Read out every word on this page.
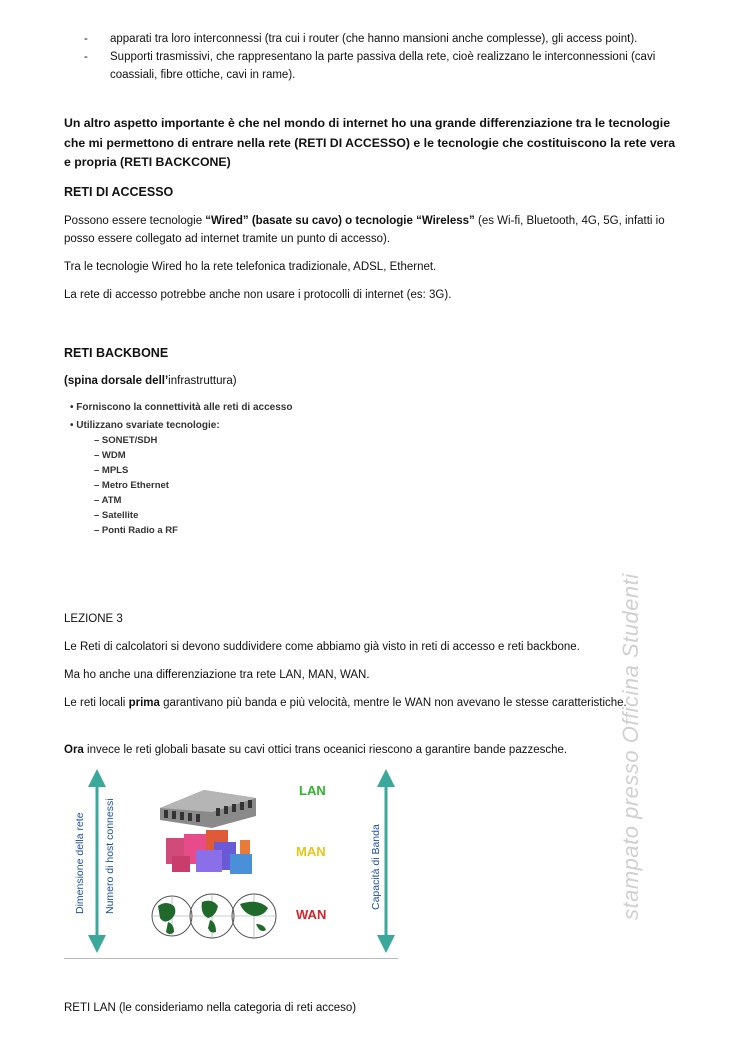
- apparati tra loro interconnessi (tra cui i router (che hanno mansioni anche complesse), gli access point).
- Supporti trasmissivi, che rappresentano la parte passiva della rete, cioè realizzano le interconnessioni (cavi coassiali, fibre ottiche, cavi in rame).

Un altro aspetto importante è che nel mondo di internet ho una grande differenziazione tra le tecnologie che mi permettono di entrare nella rete (RETI DI ACCESSO) e le tecnologie che costituiscono la rete vera e propria (RETI BACKCONE)

RETI DI ACCESSO

Possono essere tecnologie “Wired” (basate su cavo) o tecnologie “Wireless” (es Wi-fi, Bluetooth, 4G, 5G, infatti io posso essere collegato ad internet tramite un punto di accesso).

Tra le tecnologie Wired ho la rete telefonica tradizionale, ADSL, Ethernet.

La rete di accesso potrebbe anche non usare i protocolli di internet (es: 3G).

RETI BACKBONE

(spina dorsale dell’infrastruttura)

• Forniscono la connettività alle reti di accesso
• Utilizzano svariate tecnologie:
– SONET/SDH
– WDM
– MPLS
– Metro Ethernet
– ATM
– Satellite
– Ponti Radio a RF
LEZIONE 3

Le Reti di calcolatori si devono suddividere come abbiamo già visto in reti di accesso e reti backbone.

Ma ho anche una differenziazione tra rete LAN, MAN, WAN.

Le reti locali prima garantivano più banda e più velocità, mentre le WAN non avevano le stesse caratteristiche.

Ora invece le reti globali basate su cavi ottici trans oceanici riescono a garantire bande pazzesche.

Dimensione della rete Numero di host connessi	Capacità di Banda
LAN
MAN
WAN

RETI LAN (le consideriamo nella categoria di reti acceso)

stampato presso Officina Studenti
